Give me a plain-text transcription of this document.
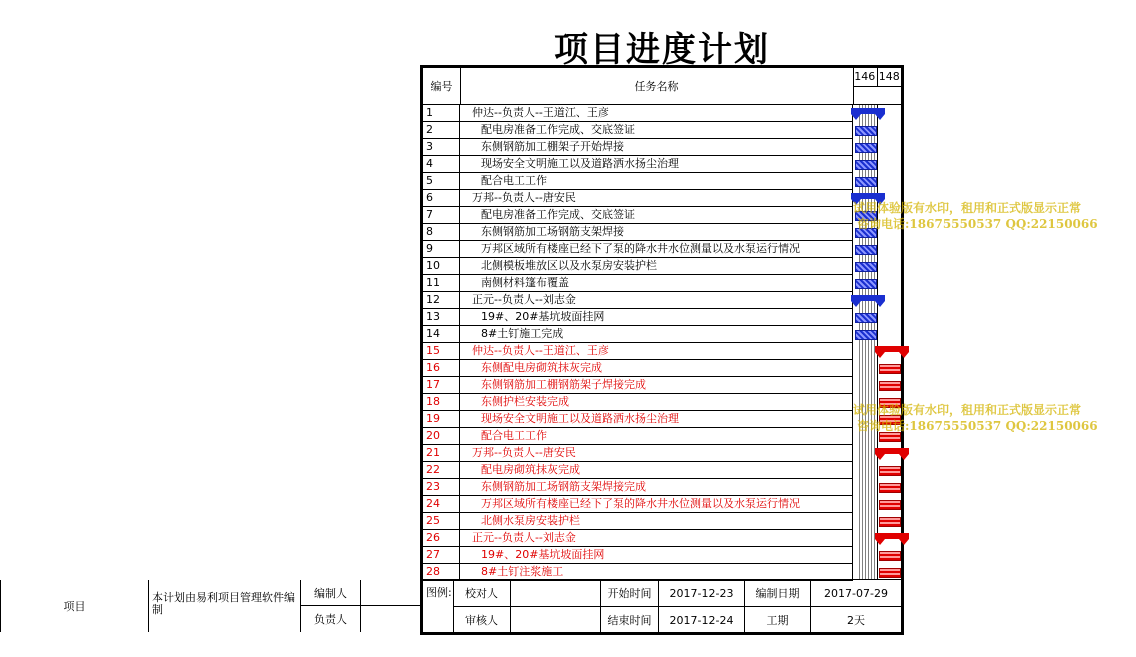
项目进度计划
编号	任务名称
146 148
1	仲达--负责人--王道江、王彦
2	配电房准备工作完成、交底签证
3	东侧钢筋加工棚架子开始焊接
4	现场安全文明施工以及道路洒水扬尘治理
5	配合电工工作
6	万邦--负责人--唐安民
7	配电房准备工作完成、交底签证
8	东侧钢筋加工场钢筋支架焊接
9	万邦区域所有楼座已经下了泵的降水井水位测量以及水泵运行情况
10	北侧模板堆放区以及水泵房安装护栏
11	南侧材料篷布覆盖
12	正元--负责人--刘志金
13	19#、20#基坑坡面挂网
14	8#土钉施工完成
15	仲达--负责人--王道江、王彦
16	东侧配电房砌筑抹灰完成
17	东侧钢筋加工棚钢筋架子焊接完成
18	东侧护栏安装完成
19	现场安全文明施工以及道路洒水扬尘治理
20	配合电工工作
21	万邦--负责人--唐安民
22	配电房砌筑抹灰完成
23	东侧钢筋加工场钢筋支架焊接完成
24	万邦区域所有楼座已经下了泵的降水井水位测量以及水泵运行情况
25	北侧水泵房安装护栏
26	正元--负责人--刘志金
27	19#、20#基坑坡面挂网
28	8#土钉注浆施工
图例:	校对人	开始时间	2017-12-23	编制日期	2017-07-29
审核人	结束时间	2017-12-24	工期	2天
项目
本计划由易利项目管理软件编制
编制人
负责人
试用体验版有水印，租用和正式版显示正常
咨询电话:18675550537 QQ:22150066
试用体验版有水印，租用和正式版显示正常
咨询电话:18675550537 QQ:22150066
